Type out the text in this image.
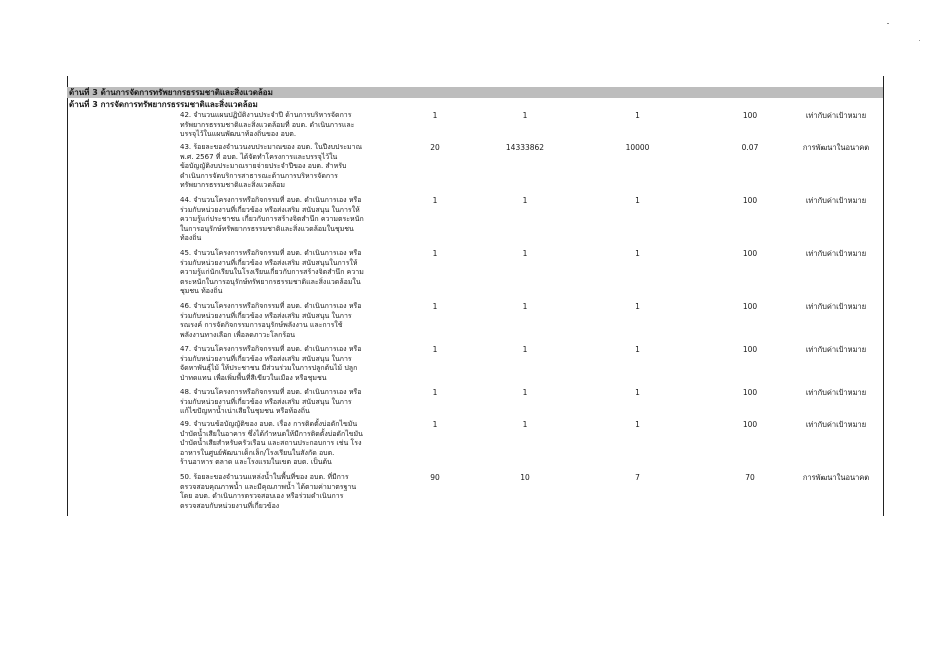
ด้านที่ 3 ด้านการจัดการทรัพยากรธรรมชาติและสิ่งแวดล้อม
ด้านที่ 3 การจัดการทรัพยากรธรรมชาติและสิ่งแวดล้อม
42. จำนวนแผนปฏิบัติงานประจำปี ด้านการบริหารจัดการ
ทรัพยากรธรรมชาติและสิ่งแวดล้อมที่ อบต. ดำเนินการและ
บรรจุไว้ในแผนพัฒนาท้องถิ่นของ อบต.
1	1	1	100	เท่ากับค่าเป้าหมาย
43. ร้อยละของจำนวนงบประมาณของ อบต. ในปีงบประมาณ
พ.ศ. 2567 ที่ อบต. ได้จัดทำโครงการและบรรจุไว้ใน
ข้อบัญญัติงบประมาณรายจ่ายประจำปีของ อบต. สำหรับ
ดำเนินการจัดบริการสาธารณะด้านการบริหารจัดการ
ทรัพยากรธรรมชาติและสิ่งแวดล้อม
20	14333862	10000	0.07	การพัฒนาในอนาคต
44. จำนวนโครงการหรือกิจกรรมที่ อบต. ดำเนินการเอง หรือ
ร่วมกับหน่วยงานที่เกี่ยวข้อง หรือส่งเสริม สนับสนุน ในการให้
ความรู้แก่ประชาชน เกี่ยวกับการสร้างจิตสำนึก ความตระหนัก
ในการอนุรักษ์ทรัพยากรธรรมชาติและสิ่งแวดล้อมในชุมชน
ท้องถิ่น
1	1	1	100	เท่ากับค่าเป้าหมาย
45. จำนวนโครงการหรือกิจกรรมที่ อบต. ดำเนินการเอง หรือ
ร่วมกับหน่วยงานที่เกี่ยวข้อง หรือส่งเสริม สนับสนุนในการให้
ความรู้แก่นักเรียนในโรงเรียนเกี่ยวกับการสร้างจิตสำนึก ความ
ตระหนักในการอนุรักษ์ทรัพยากรธรรมชาติและสิ่งแวดล้อมใน
ชุมชน ท้องถิ่น
1	1	1	100	เท่ากับค่าเป้าหมาย
46. จำนวนโครงการหรือกิจกรรมที่ อบต. ดำเนินการเอง หรือ
ร่วมกับหน่วยงานที่เกี่ยวข้อง หรือส่งเสริม สนับสนุน ในการ
รณรงค์ การจัดกิจกรรมการอนุรักษ์พลังงาน และการใช้
พลังงานทางเลือก เพื่อลดภาวะโลกร้อน
1	1	1	100	เท่ากับค่าเป้าหมาย
47. จำนวนโครงการหรือกิจกรรมที่ อบต. ดำเนินการเอง หรือ
ร่วมกับหน่วยงานที่เกี่ยวข้อง หรือส่งเสริม สนับสนุน ในการ
จัดหาพันธุ์ไม้ ให้ประชาชน มีส่วนร่วมในการปลูกต้นไม้ ปลูก
ป่าทดแทน เพื่อเพิ่มพื้นที่สีเขียวในเมือง หรือชุมชน
1	1	1	100	เท่ากับค่าเป้าหมาย
48. จำนวนโครงการหรือกิจกรรมที่ อบต. ดำเนินการเอง หรือ
ร่วมกับหน่วยงานที่เกี่ยวข้อง หรือส่งเสริม สนับสนุน ในการ
แก้ไขปัญหาน้ำเน่าเสียในชุมชน หรือท้องถิ่น
1	1	1	100	เท่ากับค่าเป้าหมาย
49. จำนวนข้อบัญญัติของ อบต. เรื่อง การติดตั้งบ่อดักไขมัน
บำบัดน้ำเสียในอาคาร ซึ่งได้กำหนดให้มีการติดตั้งบ่อดักไขมัน
บำบัดน้ำเสียสำหรับครัวเรือน และสถานประกอบการ เช่น โรง
อาหารในศูนย์พัฒนาเด็กเล็ก/โรงเรียนในสังกัด อบต.
ร้านอาหาร ตลาด และโรงแรมในเขต อบต. เป็นต้น
1	1	1	100	เท่ากับค่าเป้าหมาย
50. ร้อยละของจำนวนแหล่งน้ำในพื้นที่ของ อบต. ที่มีการ
ตรวจสอบคุณภาพน้ำ และมีคุณภาพน้ำ ได้ตามค่ามาตรฐาน
โดย อบต. ดำเนินการตรวจสอบเอง หรือร่วมดำเนินการ
ตรวจสอบกับหน่วยงานที่เกี่ยวข้อง
90	10	7	70	การพัฒนาในอนาคต
